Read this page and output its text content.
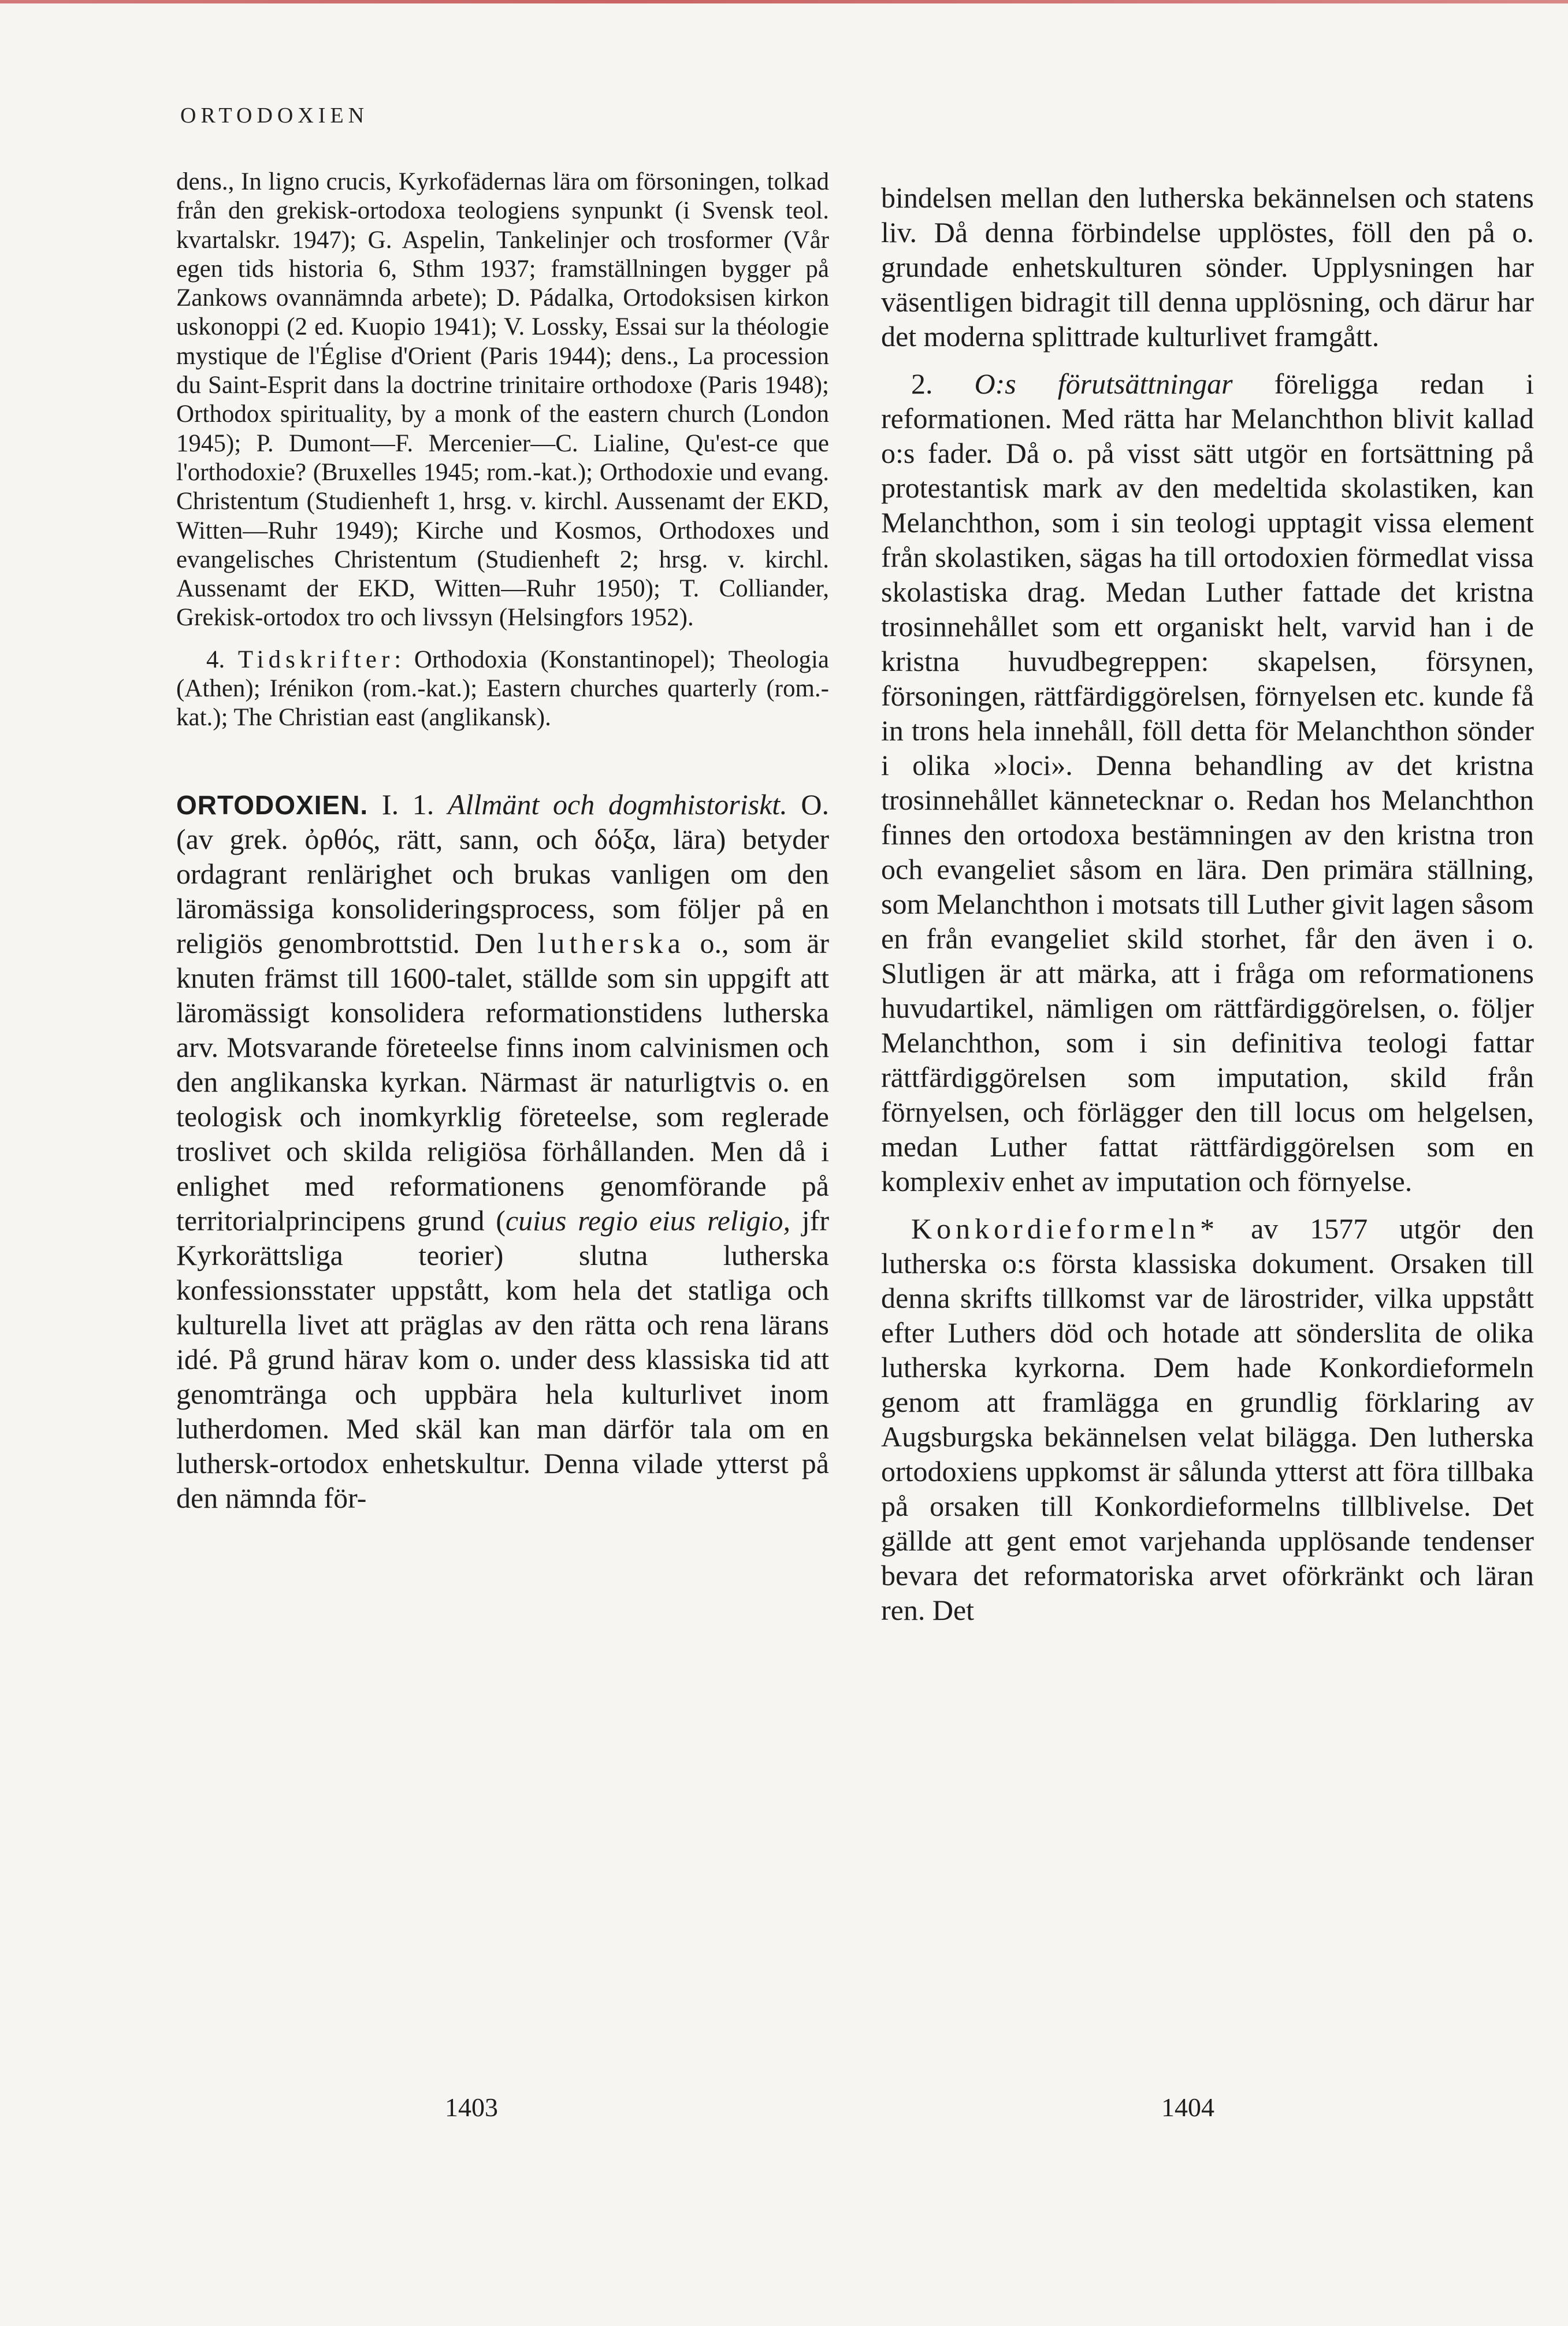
ORTODOXIEN

dens., In ligno crucis, Kyrkofädernas lära om försoningen, tolkad från den grekisk-ortodoxa teologiens synpunkt (i Svensk teol. kvartalskr. 1947); G. Aspelin, Tankelinjer och trosformer (Vår egen tids historia 6, Sthm 1937; framställningen bygger på Zankows ovannämnda arbete); D. Pádalka, Ortodoksisen kirkon uskonoppi (2 ed. Kuopio 1941); V. Lossky, Essai sur la théologie mystique de l'Église d'Orient (Paris 1944); dens., La procession du Saint-Esprit dans la doctrine trinitaire orthodoxe (Paris 1948); Orthodox spirituality, by a monk of the eastern church (London 1945); P. Dumont—F. Mercenier—C. Lialine, Qu'est-ce que l'orthodoxie? (Bruxelles 1945; rom.-kat.); Orthodoxie und evang. Christentum (Studienheft 1, hrsg. v. kirchl. Aussenamt der EKD, Witten—Ruhr 1949); Kirche und Kosmos, Orthodoxes und evangelisches Christentum (Studienheft 2; hrsg. v. kirchl. Aussenamt der EKD, Witten—Ruhr 1950); T. Colliander, Grekisk-ortodox tro och livssyn (Helsingfors 1952).

4. Tidskrifter: Orthodoxia (Konstantinopel); Theologia (Athen); Irénikon (rom.-kat.); Eastern churches quarterly (rom.-kat.); The Christian east (anglikansk).

ORTODOXIEN. I. 1. Allmänt och dogmhistoriskt. O. (av grek. ὀρθός, rätt, sann, och δόξα, lära) betyder ordagrant renlärighet och brukas vanligen om den läromässiga konsolideringsprocess, som följer på en religiös genombrottstid. Den lutherska o., som är knuten främst till 1600-talet, ställde som sin uppgift att läromässigt konsolidera reformationstidens lutherska arv. Motsvarande företeelse finns inom calvinismen och den anglikanska kyrkan. Närmast är naturligtvis o. en teologisk och inomkyrklig företeelse, som reglerade troslivet och skilda religiösa förhållanden. Men då i enlighet med reformationens genomförande på territorialprincipens grund (cuius regio eius religio, jfr Kyrkorättsliga teorier) slutna lutherska konfessionsstater uppstått, kom hela det statliga och kulturella livet att präglas av den rätta och rena lärans idé. På grund härav kom o. under dess klassiska tid att genomtränga och uppbära hela kulturlivet inom lutherdomen. Med skäl kan man därför tala om en luthersk-ortodox enhetskultur. Denna vilade ytterst på den nämnda för-

bindelsen mellan den lutherska bekännelsen och statens liv. Då denna förbindelse upplöstes, föll den på o. grundade enhetskulturen sönder. Upplysningen har väsentligen bidragit till denna upplösning, och därur har det moderna splittrade kulturlivet framgått.

2. O:s förutsättningar föreligga redan i reformationen. Med rätta har Melanchthon blivit kallad o:s fader. Då o. på visst sätt utgör en fortsättning på protestantisk mark av den medeltida skolastiken, kan Melanchthon, som i sin teologi upptagit vissa element från skolastiken, sägas ha till ortodoxien förmedlat vissa skolastiska drag. Medan Luther fattade det kristna trosinnehållet som ett organiskt helt, varvid han i de kristna huvudbegreppen: skapelsen, försynen, försoningen, rättfärdiggörelsen, förnyelsen etc. kunde få in trons hela innehåll, föll detta för Melanchthon sönder i olika »loci». Denna behandling av det kristna trosinnehållet kännetecknar o. Redan hos Melanchthon finnes den ortodoxa bestämningen av den kristna tron och evangeliet såsom en lära. Den primära ställning, som Melanchthon i motsats till Luther givit lagen såsom en från evangeliet skild storhet, får den även i o. Slutligen är att märka, att i fråga om reformationens huvudartikel, nämligen om rättfärdiggörelsen, o. följer Melanchthon, som i sin definitiva teologi fattar rättfärdiggörelsen som imputation, skild från förnyelsen, och förlägger den till locus om helgelsen, medan Luther fattat rättfärdiggörelsen som en komplexiv enhet av imputation och förnyelse.

Konkordieformeln* av 1577 utgör den lutherska o:s första klassiska dokument. Orsaken till denna skrifts tillkomst var de lärostrider, vilka uppstått efter Luthers död och hotade att sönderslita de olika lutherska kyrkorna. Dem hade Konkordieformeln genom att framlägga en grundlig förklaring av Augsburgska bekännelsen velat bilägga. Den lutherska ortodoxiens uppkomst är sålunda ytterst att föra tillbaka på orsaken till Konkordieformelns tillblivelse. Det gällde att gent emot varjehanda upplösande tendenser bevara det reformatoriska arvet oförkränkt och läran ren. Det

1403	1404
